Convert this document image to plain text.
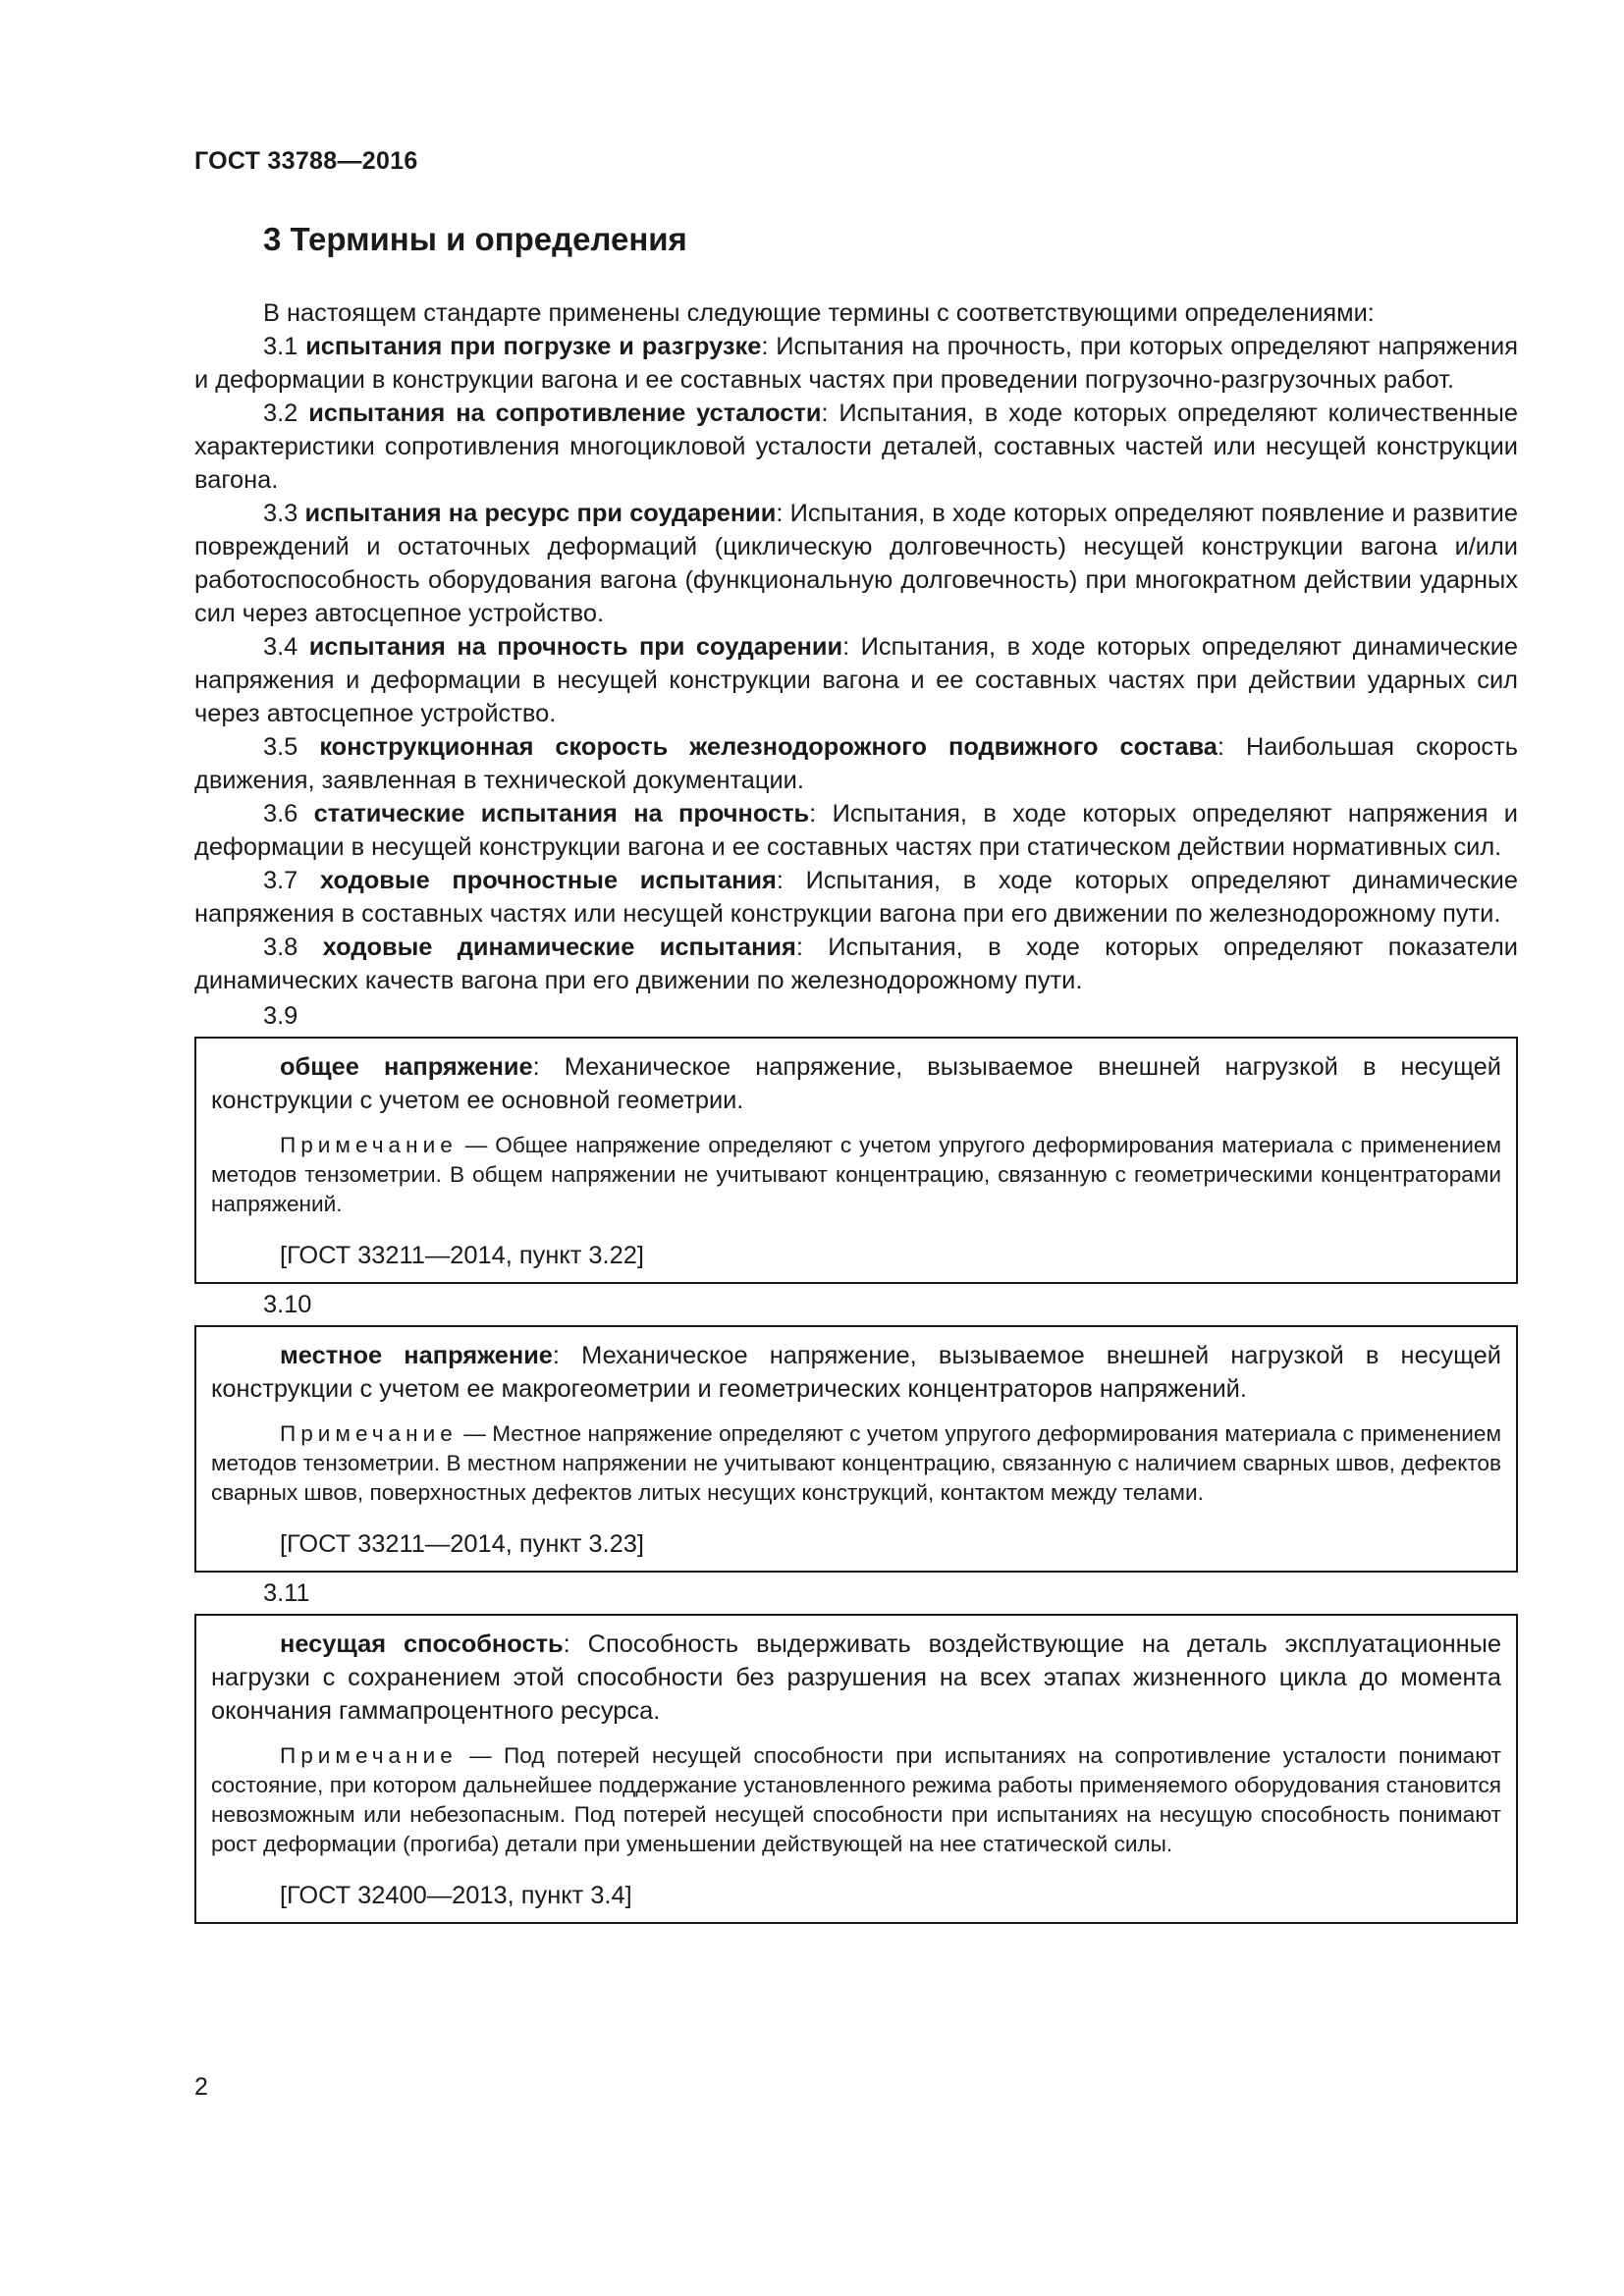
ГОСТ 33788—2016
3 Термины и определения

В настоящем стандарте применены следующие термины с соответствующими определениями:

3.1 испытания при погрузке и разгрузке: Испытания на прочность, при которых определяют напряжения и деформации в конструкции вагона и ее составных частях при проведении погрузочно-разгрузочных работ.

3.2 испытания на сопротивление усталости: Испытания, в ходе которых определяют количественные характеристики сопротивления многоцикловой усталости деталей, составных частей или несущей конструкции вагона.

3.3 испытания на ресурс при соударении: Испытания, в ходе которых определяют появление и развитие повреждений и остаточных деформаций (циклическую долговечность) несущей конструкции вагона и/или работоспособность оборудования вагона (функциональную долговечность) при многократном действии ударных сил через автосцепное устройство.

3.4 испытания на прочность при соударении: Испытания, в ходе которых определяют динамические напряжения и деформации в несущей конструкции вагона и ее составных частях при действии ударных сил через автосцепное устройство.

3.5 конструкционная скорость железнодорожного подвижного состава: Наибольшая скорость движения, заявленная в технической документации.

3.6 статические испытания на прочность: Испытания, в ходе которых определяют напряжения и деформации в несущей конструкции вагона и ее составных частях при статическом действии нормативных сил.

3.7 ходовые прочностные испытания: Испытания, в ходе которых определяют динамические напряжения в составных частях или несущей конструкции вагона при его движении по железнодорожному пути.

3.8 ходовые динамические испытания: Испытания, в ходе которых определяют показатели динамических качеств вагона при его движении по железнодорожному пути.

3.9

общее напряжение: Механическое напряжение, вызываемое внешней нагрузкой в несущей конструкции с учетом ее основной геометрии.

Примечание — Общее напряжение определяют с учетом упругого деформирования материала с применением методов тензометрии. В общем напряжении не учитывают концентрацию, связанную с геометрическими концентраторами напряжений.

[ГОСТ 33211—2014, пункт 3.22]
3.10

местное напряжение: Механическое напряжение, вызываемое внешней нагрузкой в несущей конструкции с учетом ее макрогеометрии и геометрических концентраторов напряжений.

Примечание — Местное напряжение определяют с учетом упругого деформирования материала с применением методов тензометрии. В местном напряжении не учитывают концентрацию, связанную с наличием сварных швов, дефектов сварных швов, поверхностных дефектов литых несущих конструкций, контактом между телами.

[ГОСТ 33211—2014, пункт 3.23]
3.11

несущая способность: Способность выдерживать воздействующие на деталь эксплуатационные нагрузки с сохранением этой способности без разрушения на всех этапах жизненного цикла до момента окончания гаммапроцентного ресурса.

Примечание — Под потерей несущей способности при испытаниях на сопротивление усталости понимают состояние, при котором дальнейшее поддержание установленного режима работы применяемого оборудования становится невозможным или небезопасным. Под потерей несущей способности при испытаниях на несущую способность понимают рост деформации (прогиба) детали при уменьшении действующей на нее статической силы.

[ГОСТ 32400—2013, пункт 3.4]
2
